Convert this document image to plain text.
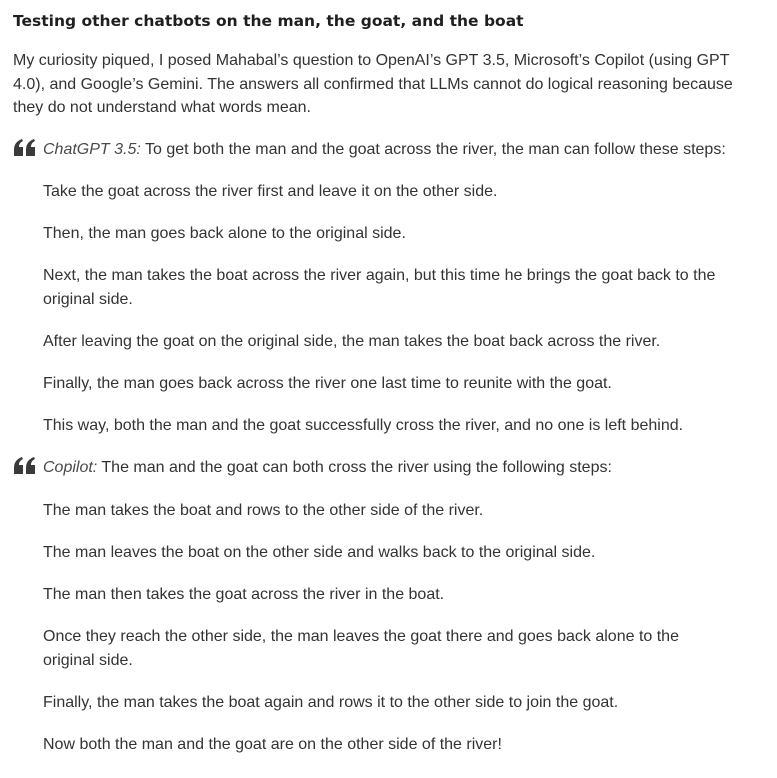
Testing other chatbots on the man, the goat, and the boat

My curiosity piqued, I posed Mahabal’s question to OpenAI’s GPT 3.5, Microsoft’s Copilot (using GPT 4.0), and Google’s Gemini. The answers all confirmed that LLMs cannot do logical reasoning because they do not understand what words mean.

ChatGPT 3.5: To get both the man and the goat across the river, the man can follow these steps:

Take the goat across the river first and leave it on the other side.

Then, the man goes back alone to the original side.

Next, the man takes the boat across the river again, but this time he brings the goat back to the original side.

After leaving the goat on the original side, the man takes the boat back across the river.

Finally, the man goes back across the river one last time to reunite with the goat.

This way, both the man and the goat successfully cross the river, and no one is left behind.

Copilot: The man and the goat can both cross the river using the following steps:

The man takes the boat and rows to the other side of the river.

The man leaves the boat on the other side and walks back to the original side.

The man then takes the goat across the river in the boat.

Once they reach the other side, the man leaves the goat there and goes back alone to the original side.

Finally, the man takes the boat again and rows it to the other side to join the goat.

Now both the man and the goat are on the other side of the river!
